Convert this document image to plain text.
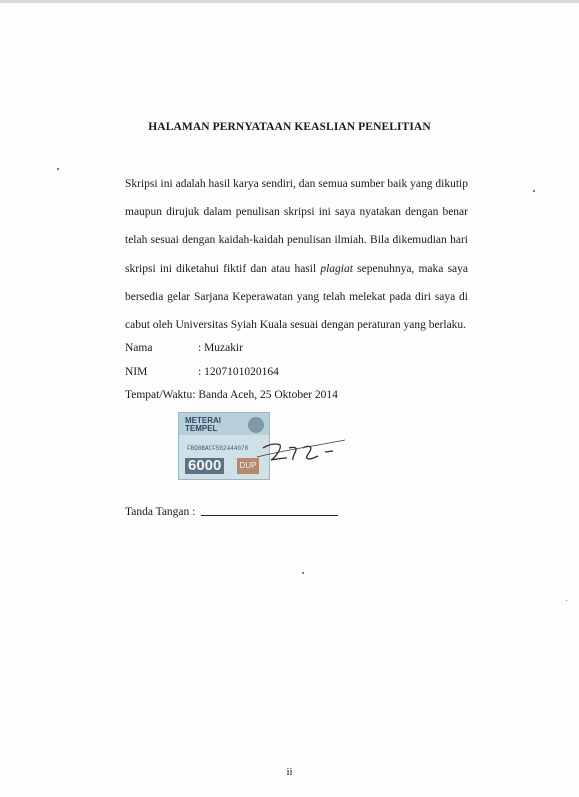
HALAMAN PERNYATAAN KEASLIAN PENELITIAN

Skripsi ini adalah hasil karya sendiri, dan semua sumber baik yang dikutip maupun dirujuk dalam penulisan skripsi ini saya nyatakan dengan benar telah sesuai dengan kaidah-kaidah penulisan ilmiah. Bila dikemudian hari skripsi ini diketahui fiktif dan atau hasil plagiat sepenuhnya, maka saya bersedia gelar Sarjana Keperawatan yang telah melekat pada diri saya di cabut oleh Universitas Syiah Kuala sesuai dengan peraturan yang berlaku.

Nama	: Muzakir
NIM	: 1207101020164
Tempat/Waktu: Banda Aceh, 25 Oktober 2014
METERAI
TEMPEL
FBD8BACF582444078
6000	DUP
Tanda Tangan :
ii
